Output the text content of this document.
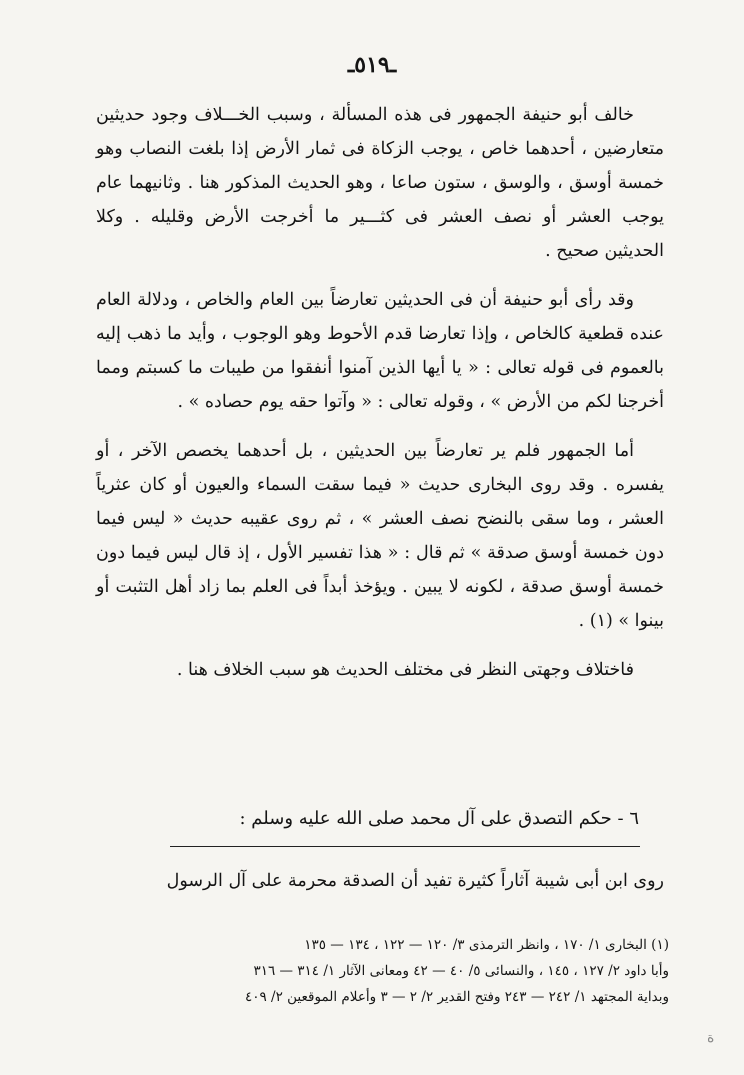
ـ٥١٩ـ

خالف أبو حنيفة الجمهور فى هذه المسألة ، وسبب الخـــلاف وجود حديثين متعارضين ، أحدهما خاص ، يوجب الزكاة فى ثمار الأرض إذا بلغت النصاب وهو خمسة أوسق ، والوسق ، ستون صاعا ، وهو الحديث المذكور هنا . وثانيهما عام يوجب العشر أو نصف العشر فى كثـــير ما أخرجت الأرض وقليله . وكلا الحديثين صحيح .

وقد رأى أبو حنيفة أن فى الحديثين تعارضاً بين العام والخاص ، ودلالة العام عنده قطعية كالخاص ، وإذا تعارضا قدم الأحوط وهو الوجوب ، وأيد ما ذهب إليه بالعموم فى قوله تعالى : « يا أيها الذين آمنوا أنفقوا من طيبات ما كسبتم ومما أخرجنا لكم من الأرض » ، وقوله تعالى : « وآتوا حقه يوم حصاده » .

أما الجمهور فلم ير تعارضاً بين الحديثين ، بل أحدهما يخصص الآخر ، أو يفسره . وقد روى البخارى حديث « فيما سقت السماء والعيون أو كان عثرياً العشر ، وما سقى بالنضح نصف العشر » ، ثم روى عقيبه حديث « ليس فيما دون خمسة أوسق صدقة » ثم قال : « هذا تفسير الأول ، إذ قال ليس فيما دون خمسة أوسق صدقة ، لكونه لا يبين . ويؤخذ أبداً فى العلم بما زاد أهل التثبت أو بينوا » (١) .

فاختلاف وجهتى النظر فى مختلف الحديث هو سبب الخلاف هنا .

٦ - حكم التصدق على آل محمد صلى الله عليه وسلم :
روى ابن أبى شيبة آثاراً كثيرة تفيد أن الصدقة محرمة على آل الرسول

(١) البخارى ١/ ١٧٠ ، وانظر الترمذى ٣/ ١٢٠ — ١٢٢ ، ١٣٤ — ١٣٥

وأبا داود ٢/ ١٢٧ ، ١٤٥ ، والنسائى ٥/ ٤٠ — ٤٢ ومعانى الآثار ١/ ٣١٤ — ٣١٦

وبداية المجتهد ١/ ٢٤٢ — ٢٤٣ وفتح القدير ٢/ ٢ — ٣ وأعلام الموقعين ٢/ ٤٠٩

ﺓ
